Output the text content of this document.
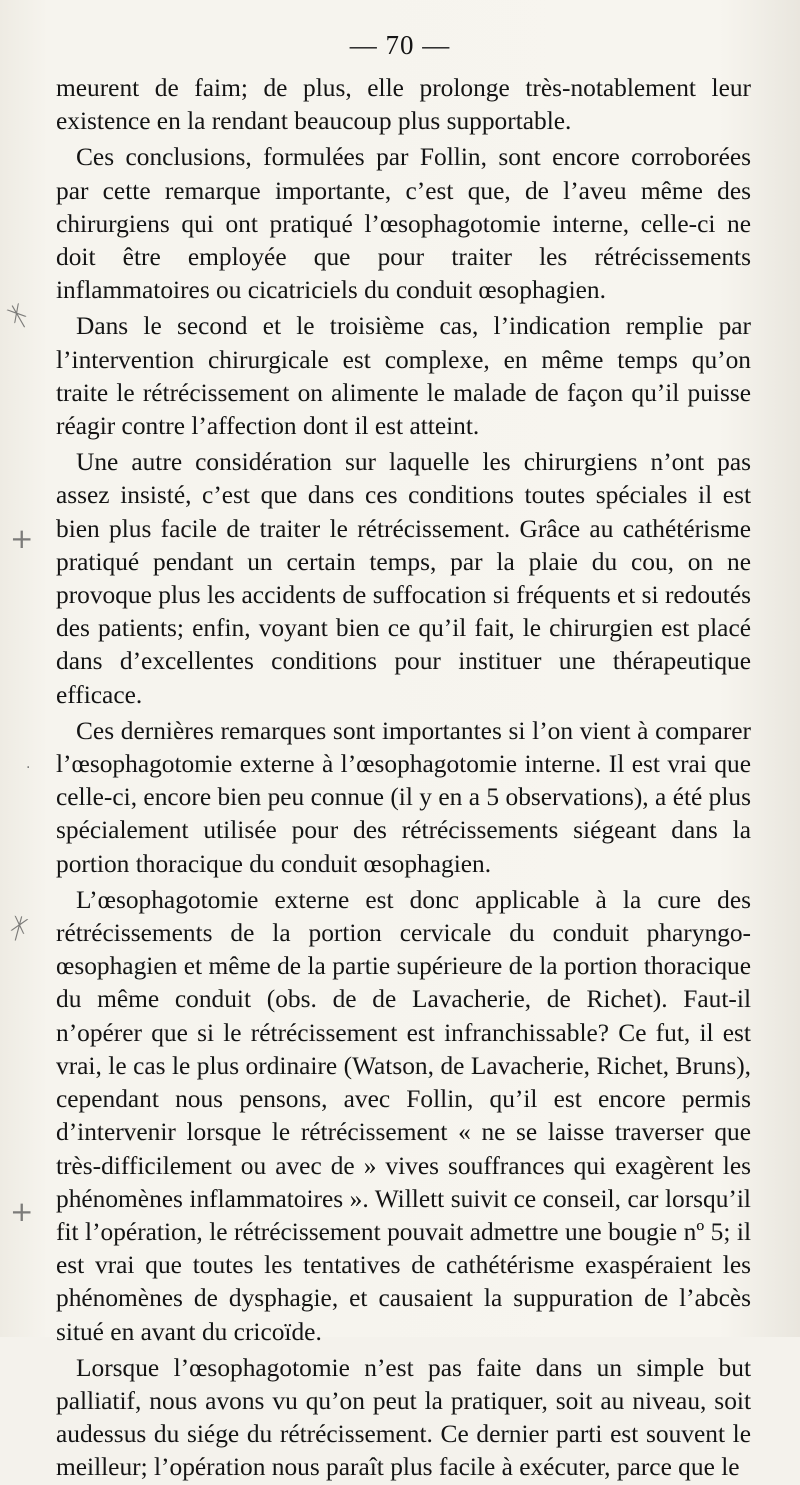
— 70 —
ᛡ
+
·
ᛡ
+

meurent de faim; de plus, elle prolonge très-notablement leur existence en la rendant beaucoup plus supportable.

Ces conclusions, formulées par Follin, sont encore corroborées par cette remarque importante, c’est que, de l’aveu même des chirurgiens qui ont pratiqué l’œsophagotomie interne, celle-ci ne doit être employée que pour traiter les rétrécissements inflammatoires ou cicatriciels du conduit œsophagien.

Dans le second et le troisième cas, l’indication remplie par l’intervention chirurgicale est complexe, en même temps qu’on traite le rétrécissement on alimente le malade de façon qu’il puisse réagir contre l’affection dont il est atteint.

Une autre considération sur laquelle les chirurgiens n’ont pas assez insisté, c’est que dans ces conditions toutes spéciales il est bien plus facile de traiter le rétrécissement. Grâce au cathétérisme pratiqué pendant un certain temps, par la plaie du cou, on ne provoque plus les accidents de suffocation si fréquents et si redoutés des patients; enfin, voyant bien ce qu’il fait, le chirurgien est placé dans d’excellentes conditions pour instituer une thérapeutique efficace.

Ces dernières remarques sont importantes si l’on vient à comparer l’œsophagotomie externe à l’œsophagotomie interne. Il est vrai que celle-ci, encore bien peu connue (il y en a 5 observations), a été plus spécialement utilisée pour des rétrécissements siégeant dans la portion thoracique du conduit œsophagien.

L’œsophagotomie externe est donc applicable à la cure des rétrécissements de la portion cervicale du conduit pharyngo-œsophagien et même de la partie supérieure de la portion thoracique du même conduit (obs. de de Lavacherie, de Richet). Faut-il n’opérer que si le rétrécissement est infranchissable? Ce fut, il est vrai, le cas le plus ordinaire (Watson, de Lavacherie, Richet, Bruns), cependant nous pensons, avec Follin, qu’il est encore permis d’intervenir lorsque le rétrécissement « ne se laisse traverser que très-difficilement ou avec de » vives souffrances qui exagèrent les phénomènes inflammatoires ». Willett suivit ce conseil, car lorsqu’il fit l’opération, le rétrécissement pouvait admettre une bougie nº 5; il est vrai que toutes les tentatives de cathétérisme exaspéraient les phénomènes de dysphagie, et causaient la suppuration de l’abcès situé en avant du cricoïde.

Lorsque l’œsophagotomie n’est pas faite dans un simple but palliatif, nous avons vu qu’on peut la pratiquer, soit au niveau, soit audessus du siége du rétrécissement. Ce dernier parti est souvent le meilleur; l’opération nous paraît plus facile à exécuter, parce que le
